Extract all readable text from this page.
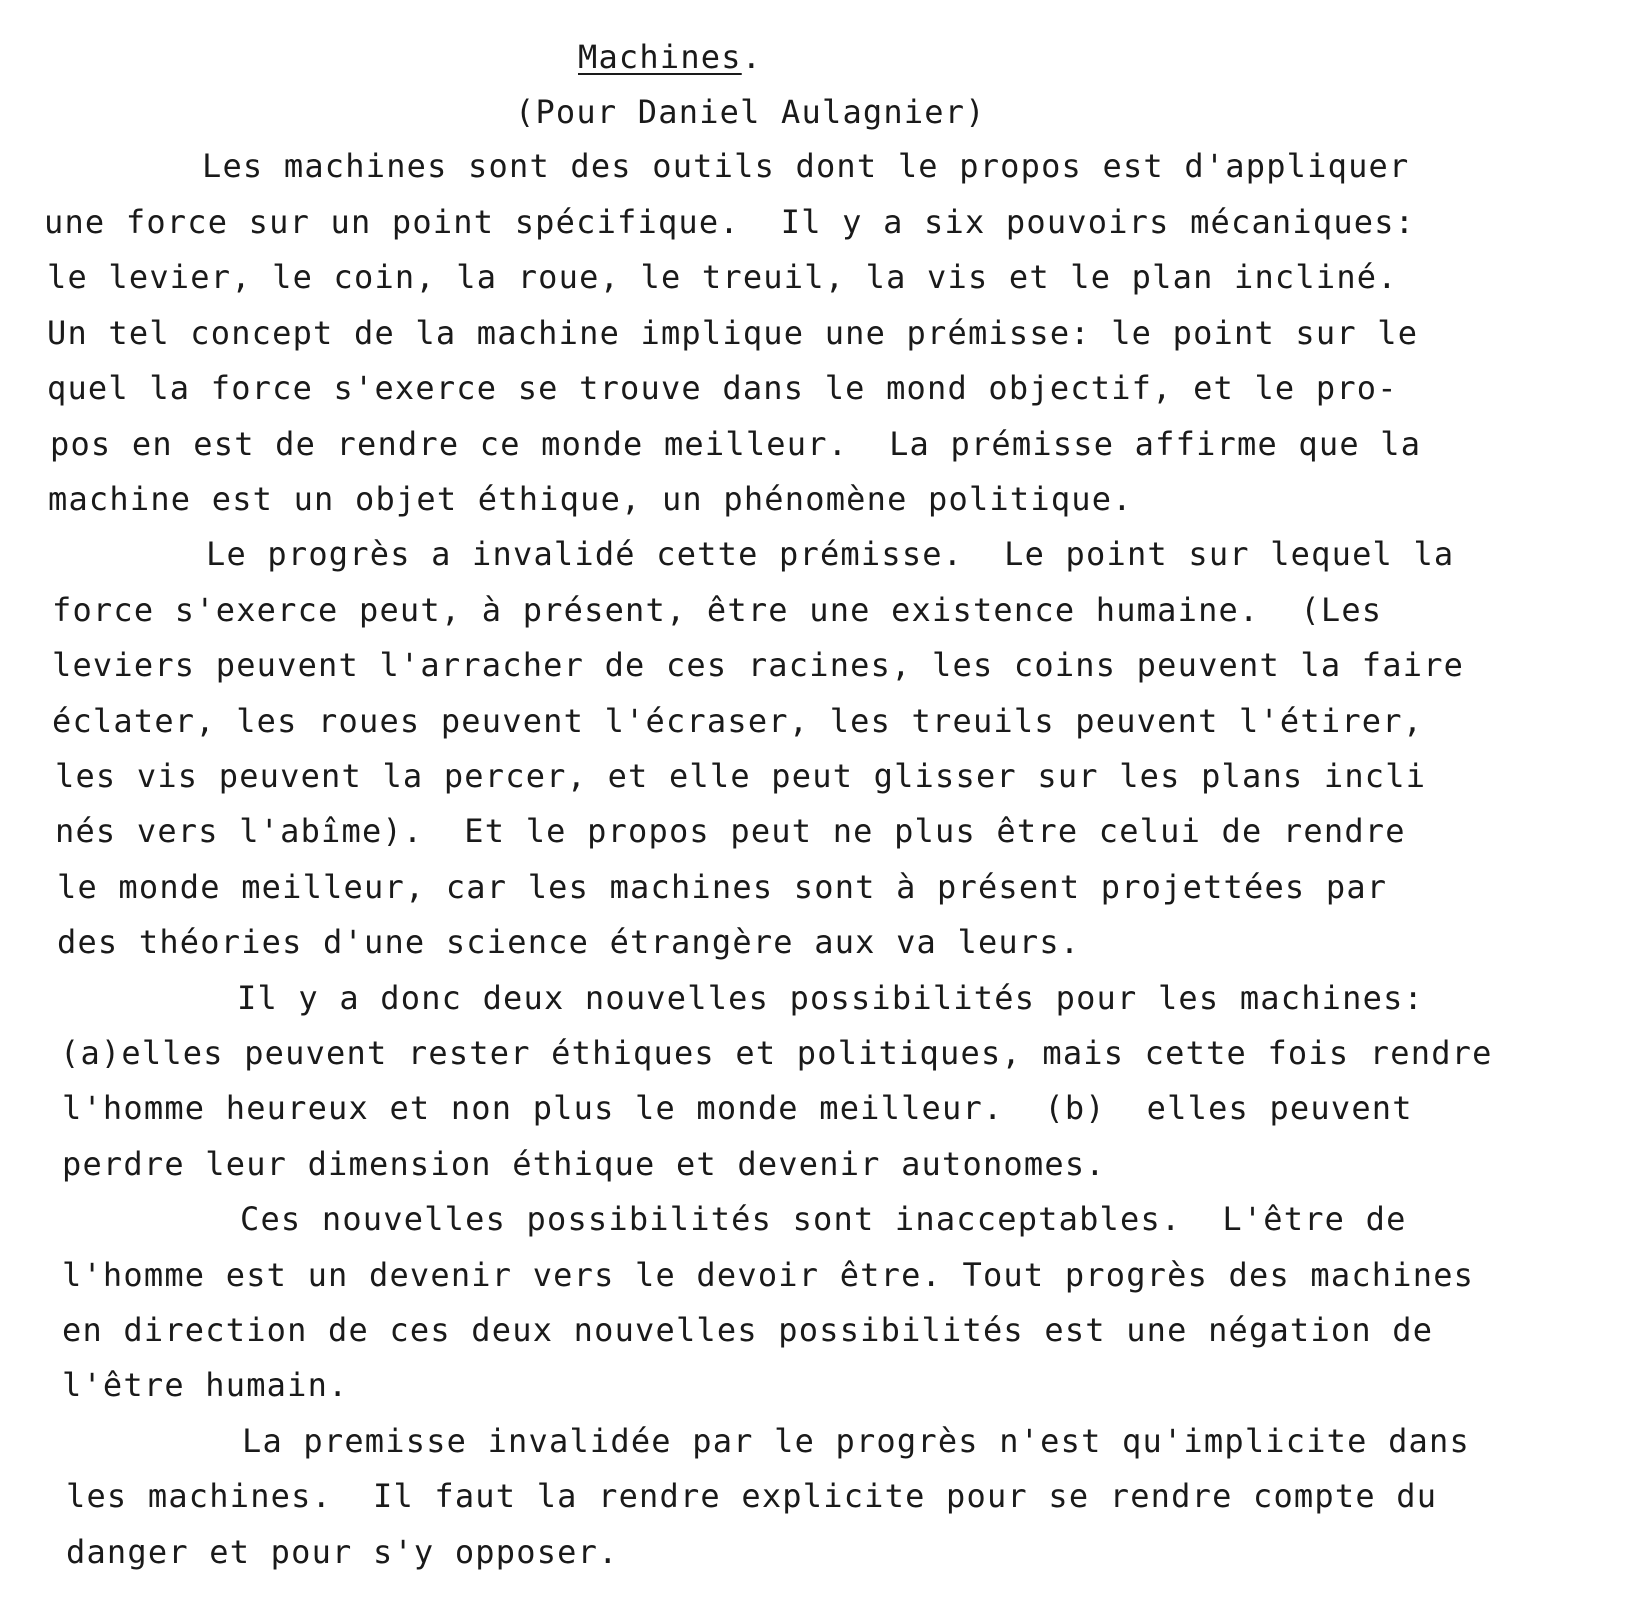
Machines.

(Pour Daniel Aulagnier)

Les machines sont des outils dont le propos est d'appliquer

une force sur un point spécifique.  Il y a six pouvoirs mécaniques:

le levier, le coin, la roue, le treuil, la vis et le plan incliné.

Un tel concept de la machine implique une prémisse: le point sur le

quel la force s'exerce se trouve dans le mond objectif, et le pro-

pos en est de rendre ce monde meilleur.  La prémisse affirme que la

machine est un objet éthique, un phénomène politique.

Le progrès a invalidé cette prémisse.  Le point sur lequel la

force s'exerce peut, à présent, être une existence humaine.  (Les

leviers peuvent l'arracher de ces racines, les coins peuvent la faire

éclater, les roues peuvent l'écraser, les treuils peuvent l'étirer,

les vis peuvent la percer, et elle peut glisser sur les plans incli

nés vers l'abîme).  Et le propos peut ne plus être celui de rendre

le monde meilleur, car les machines sont à présent projettées par

des théories d'une science étrangère aux va leurs.

Il y a donc deux nouvelles possibilités pour les machines:

(a)elles peuvent rester éthiques et politiques, mais cette fois rendre

l'homme heureux et non plus le monde meilleur.  (b)  elles peuvent

perdre leur dimension éthique et devenir autonomes.

Ces nouvelles possibilités sont inacceptables.  L'être de

l'homme est un devenir vers le devoir être. Tout progrès des machines

en direction de ces deux nouvelles possibilités est une négation de

l'être humain.

La premisse invalidée par le progrès n'est qu'implicite dans

les machines.  Il faut la rendre explicite pour se rendre compte du

danger et pour s'y opposer.
